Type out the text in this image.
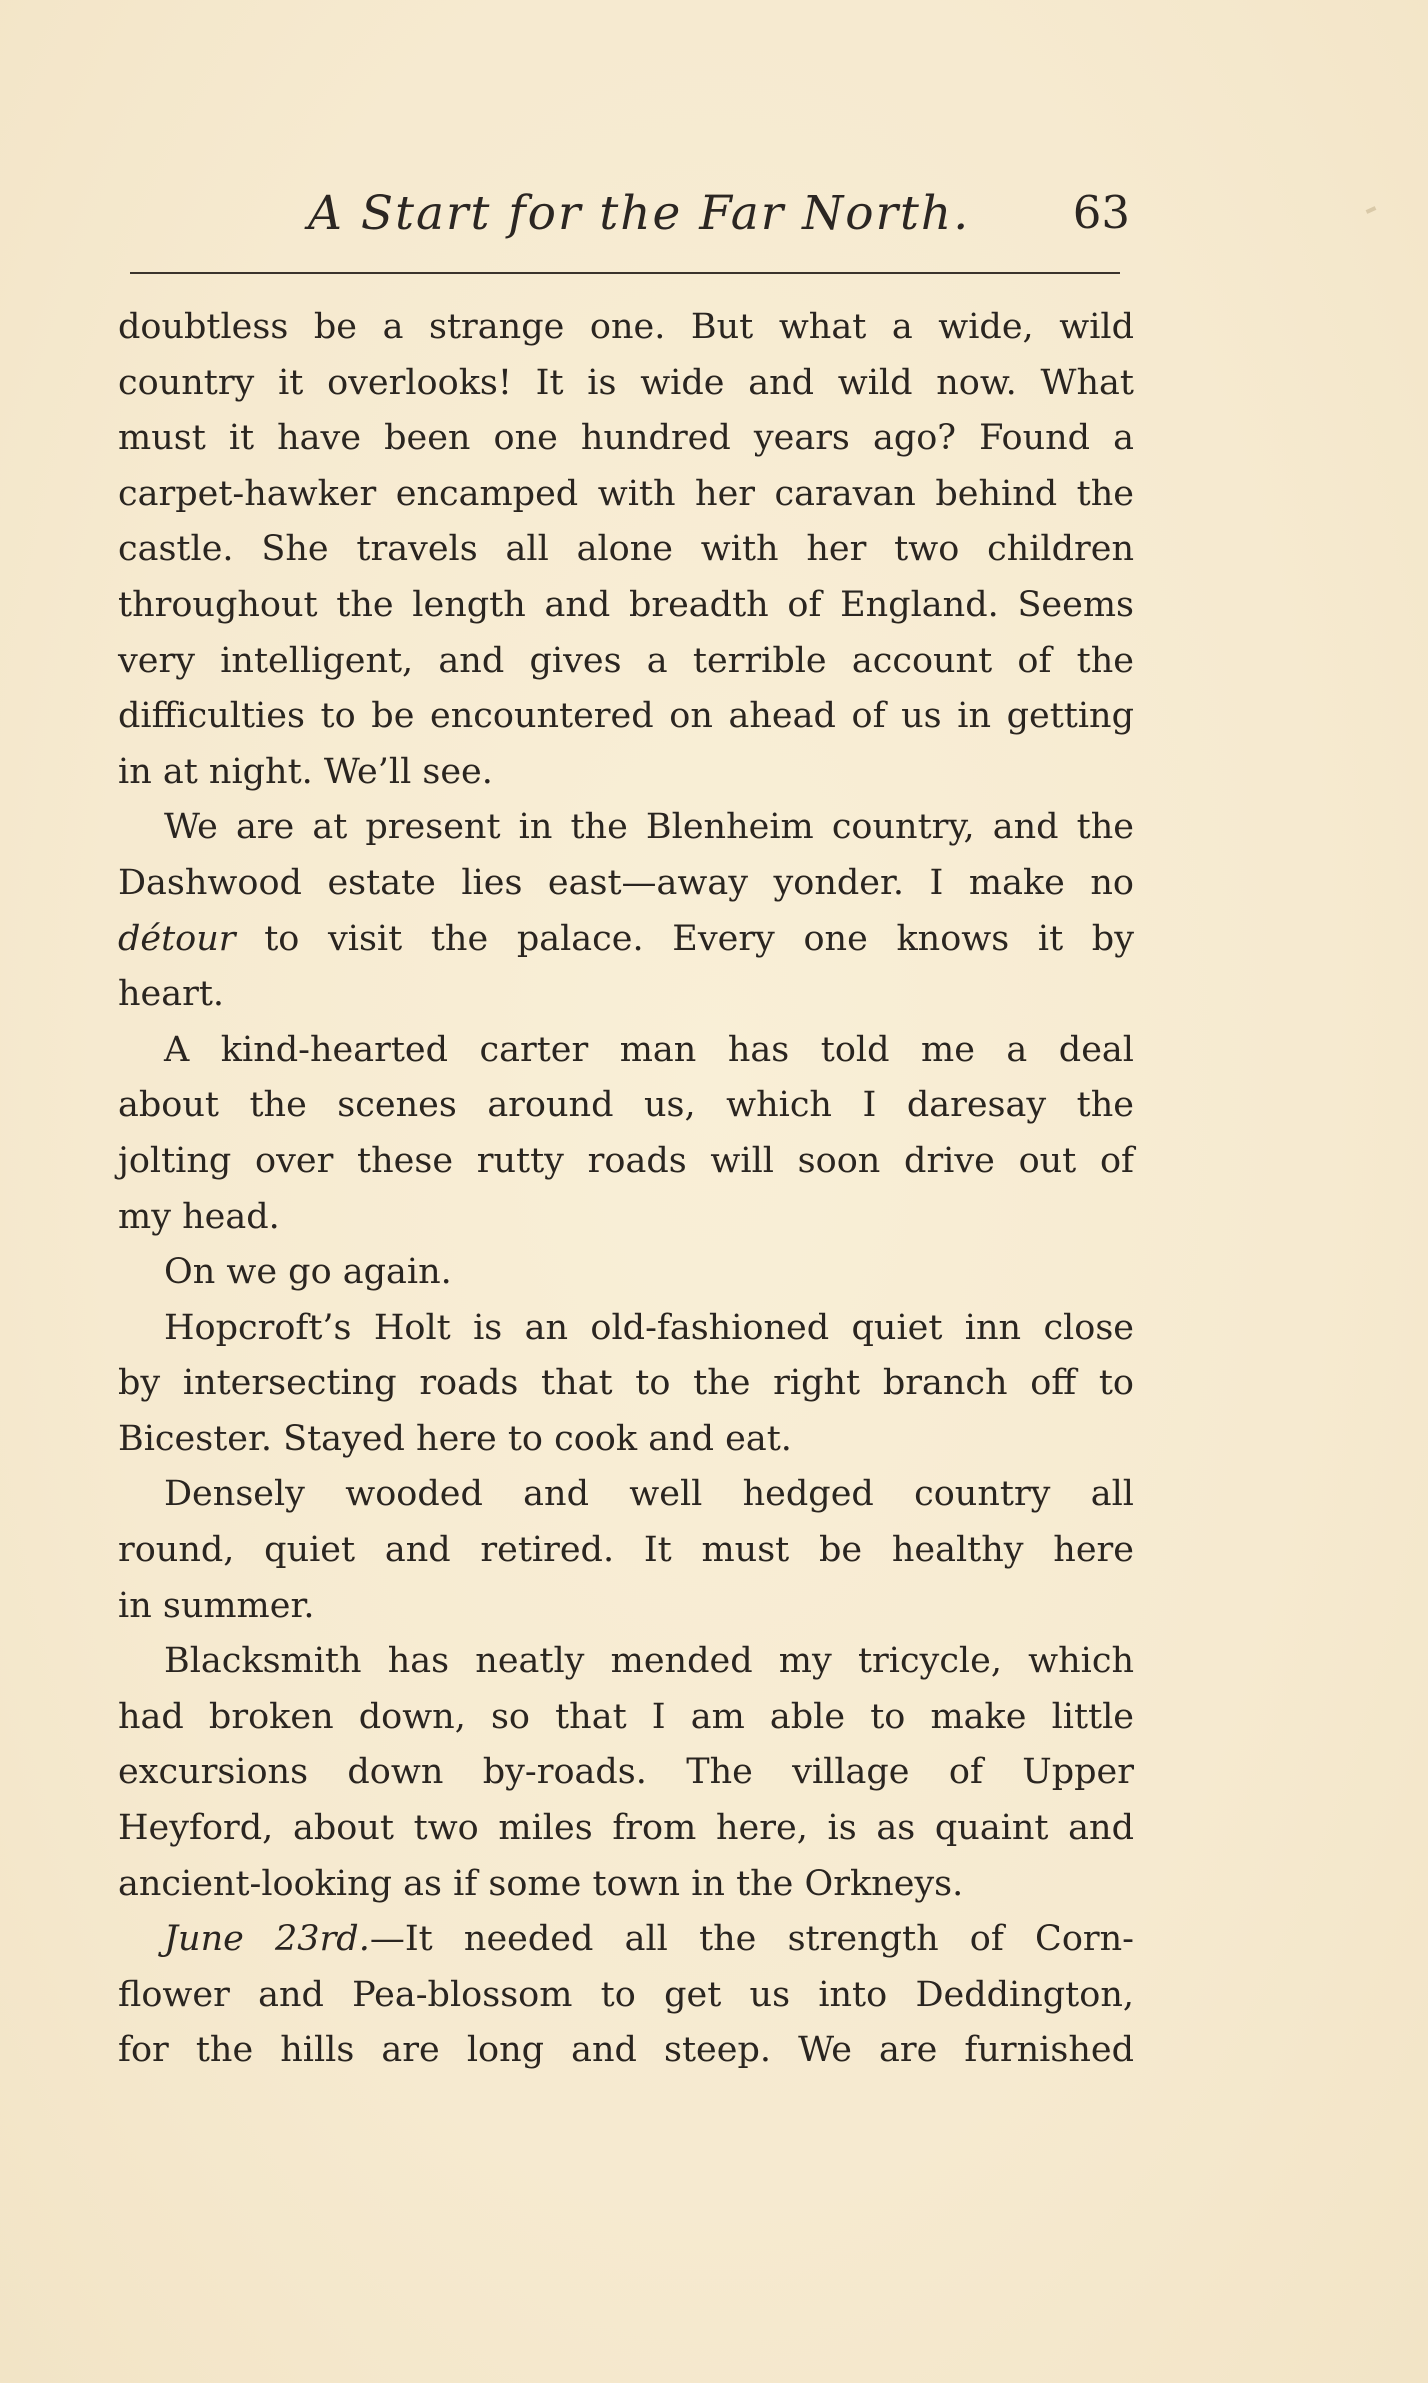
A Start for the Far North. 63
doubtless be a strange one. But what a wide, wild
country it overlooks! It is wide and wild now. What
must it have been one hundred years ago? Found a
carpet-hawker encamped with her caravan behind the
castle. She travels all alone with her two children
throughout the length and breadth of England. Seems
very intelligent, and gives a terrible account of the
difficulties to be encountered on ahead of us in getting
in at night. We’ll see.
We are at present in the Blenheim country, and the
Dashwood estate lies east—away yonder. I make no
détour to visit the palace. Every one knows it by
heart.
A kind-hearted carter man has told me a deal
about the scenes around us, which I daresay the
jolting over these rutty roads will soon drive out of
my head.
On we go again.
Hopcroft’s Holt is an old-fashioned quiet inn close
by intersecting roads that to the right branch off to
Bicester. Stayed here to cook and eat.
Densely wooded and well hedged country all
round, quiet and retired. It must be healthy here
in summer.
Blacksmith has neatly mended my tricycle, which
had broken down, so that I am able to make little
excursions down by-roads. The village of Upper
Heyford, about two miles from here, is as quaint and
ancient-looking as if some town in the Orkneys.
June 23rd.—It needed all the strength of Corn-
flower and Pea-blossom to get us into Deddington,
for the hills are long and steep. We are furnished
